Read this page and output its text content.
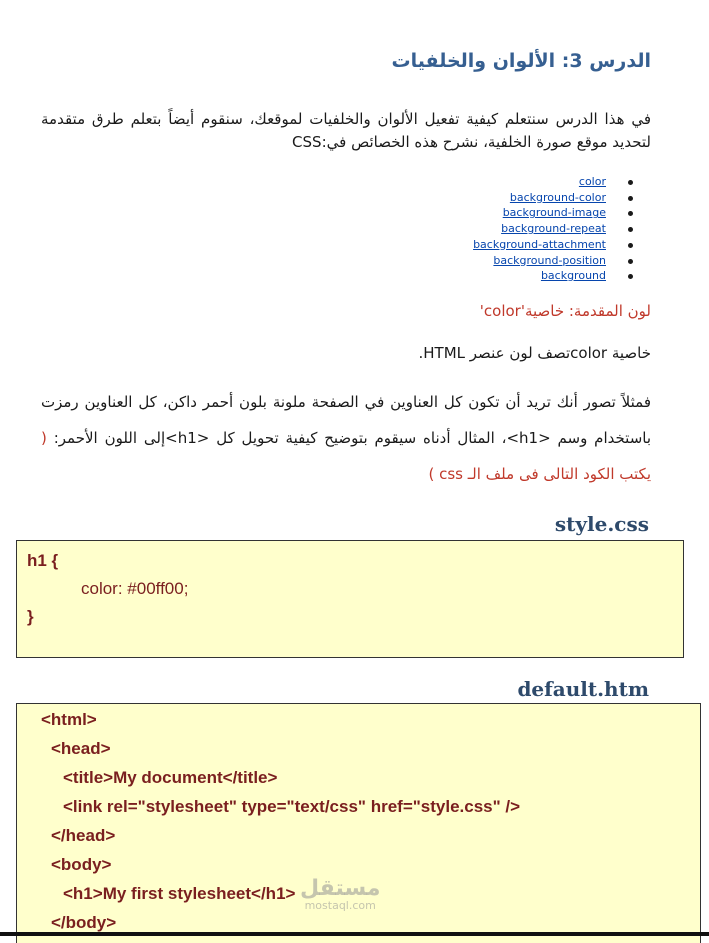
الدرس 3: الألوان والخلفيات
في هذا الدرس سنتعلم كيفية تفعيل الألوان والخلفيات لموقعك، سنقوم أيضاً بتعلم طرق متقدمة لتحديد موقع صورة الخلفية، نشرح هذه الخصائص في:CSS
color
background-color
background-image
background-repeat
background-attachment
background-position
background
لون المقدمة: خاصية'color'
خاصية colorتصف لون عنصر HTML.
فمثلاً تصور أنك تريد أن تكون كل العناوين في الصفحة ملونة بلون أحمر داكن، كل العناوين رمزت باستخدام وسم <h1>، المثال أدناه سيقوم بتوضيح كيفية تحويل كل <h1>إلى اللون الأحمر: ( يكتب الكود التالى فى ملف الـ css )
style.css
h1 {
color: #00ff00;
}
default.htm
<html>
<head>
<title>My document</title>
<link rel="stylesheet" type="text/css" href="style.css" />
</head>
<body>
<h1>My first stylesheet</h1>
</body>
مستقل
mostaql.com
